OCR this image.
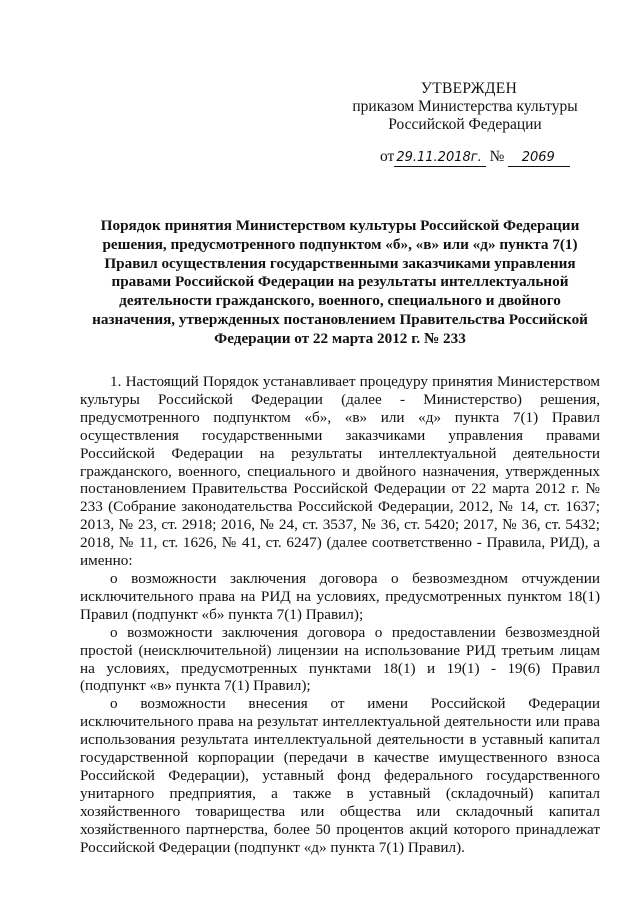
УТВЕРЖДЕН
приказом Министерства культуры
Российской Федерации
от 29.11.2018г. № 2069
Порядок принятия Министерством культуры Российской Федерации решения, предусмотренного подпунктом «б», «в» или «д» пункта 7(1) Правил осуществления государственными заказчиками управления правами Российской Федерации на результаты интеллектуальной деятельности гражданского, военного, специального и двойного назначения, утвержденных постановлением Правительства Российской Федерации от 22 марта 2012 г. № 233

1. Настоящий Порядок устанавливает процедуру принятия Министерством культуры Российской Федерации (далее - Министерство) решения, предусмотренного подпунктом «б», «в» или «д» пункта 7(1) Правил осуществления государственными заказчиками управления правами Российской Федерации на результаты интеллектуальной деятельности гражданского, военного, специального и двойного назначения, утвержденных постановлением Правительства Российской Федерации от 22 марта 2012 г. № 233 (Собрание законодательства Российской Федерации, 2012, № 14, ст. 1637; 2013, № 23, ст. 2918; 2016, № 24, ст. 3537, № 36, ст. 5420; 2017, № 36, ст. 5432; 2018, № 11, ст. 1626, № 41, ст. 6247) (далее соответственно - Правила, РИД), а именно:

о возможности заключения договора о безвозмездном отчуждении исключительного права на РИД на условиях, предусмотренных пунктом 18(1) Правил (подпункт «б» пункта 7(1) Правил);

о возможности заключения договора о предоставлении безвозмездной простой (неисключительной) лицензии на использование РИД третьим лицам на условиях, предусмотренных пунктами 18(1) и 19(1) - 19(6) Правил (подпункт «в» пункта 7(1) Правил);

о возможности внесения от имени Российской Федерации исключительного права на результат интеллектуальной деятельности или права использования результата интеллектуальной деятельности в уставный капитал государственной корпорации (передачи в качестве имущественного взноса Российской Федерации), уставный фонд федерального государственного унитарного предприятия, а также в уставный (складочный) капитал хозяйственного товарищества или общества или складочный капитал хозяйственного партнерства, более 50 процентов акций которого принадлежат Российской Федерации (подпункт «д» пункта 7(1) Правил).
